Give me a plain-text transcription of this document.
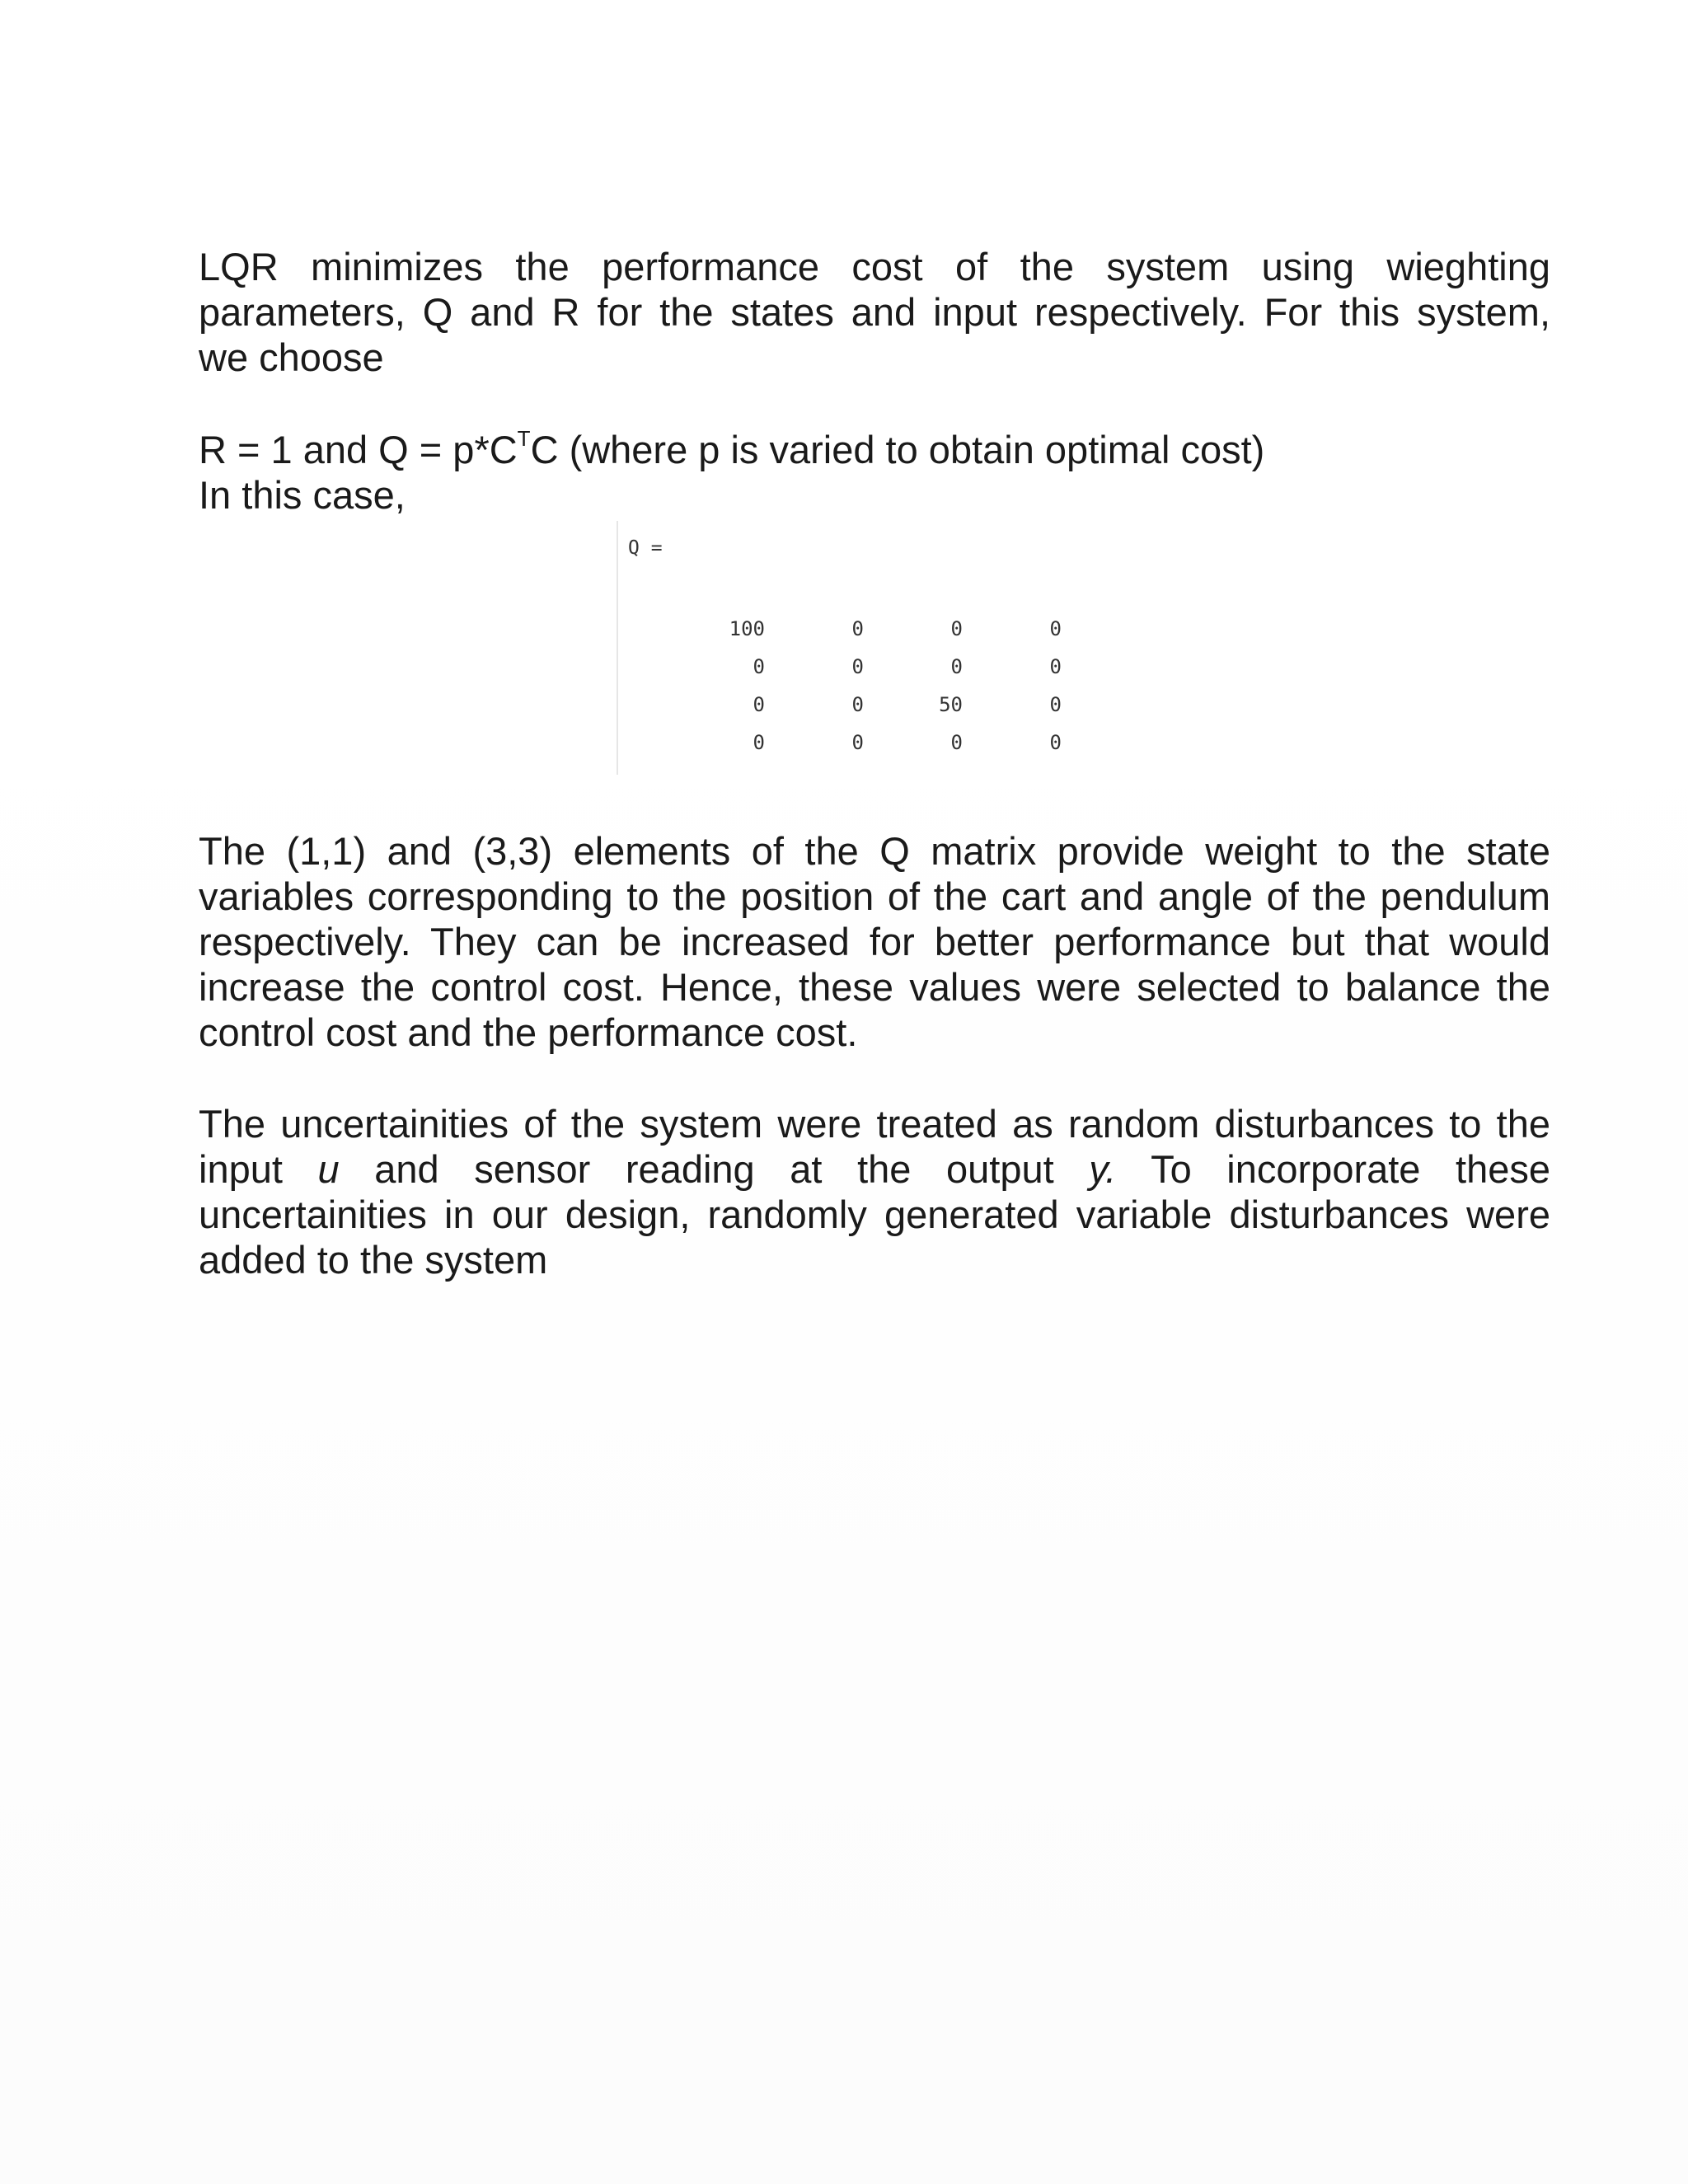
LQR minimizes the performance cost of the system using wieghting
parameters, Q and R for the states and input respectively. For this system,
we choose

R = 1 and $Q = p*C^TC$ (where p is varied to obtain optimal cost)
In this case,

Q =
100	0	0	0
0	0	0	0
0	0	50	0
0	0	0	0

The (1,1) and (3,3) elements of the Q matrix provide weight to the state
variables corresponding to the position of the cart and angle of the pendulum
respectively. They can be increased for better performance but that would
increase the control cost. Hence, these values were selected to balance the
control cost and the performance cost.

The uncertainities of the system were treated as random disturbances to the
input u and sensor reading at the output y. To incorporate these
uncertainities in our design, randomly generated variable disturbances were
added to the system
